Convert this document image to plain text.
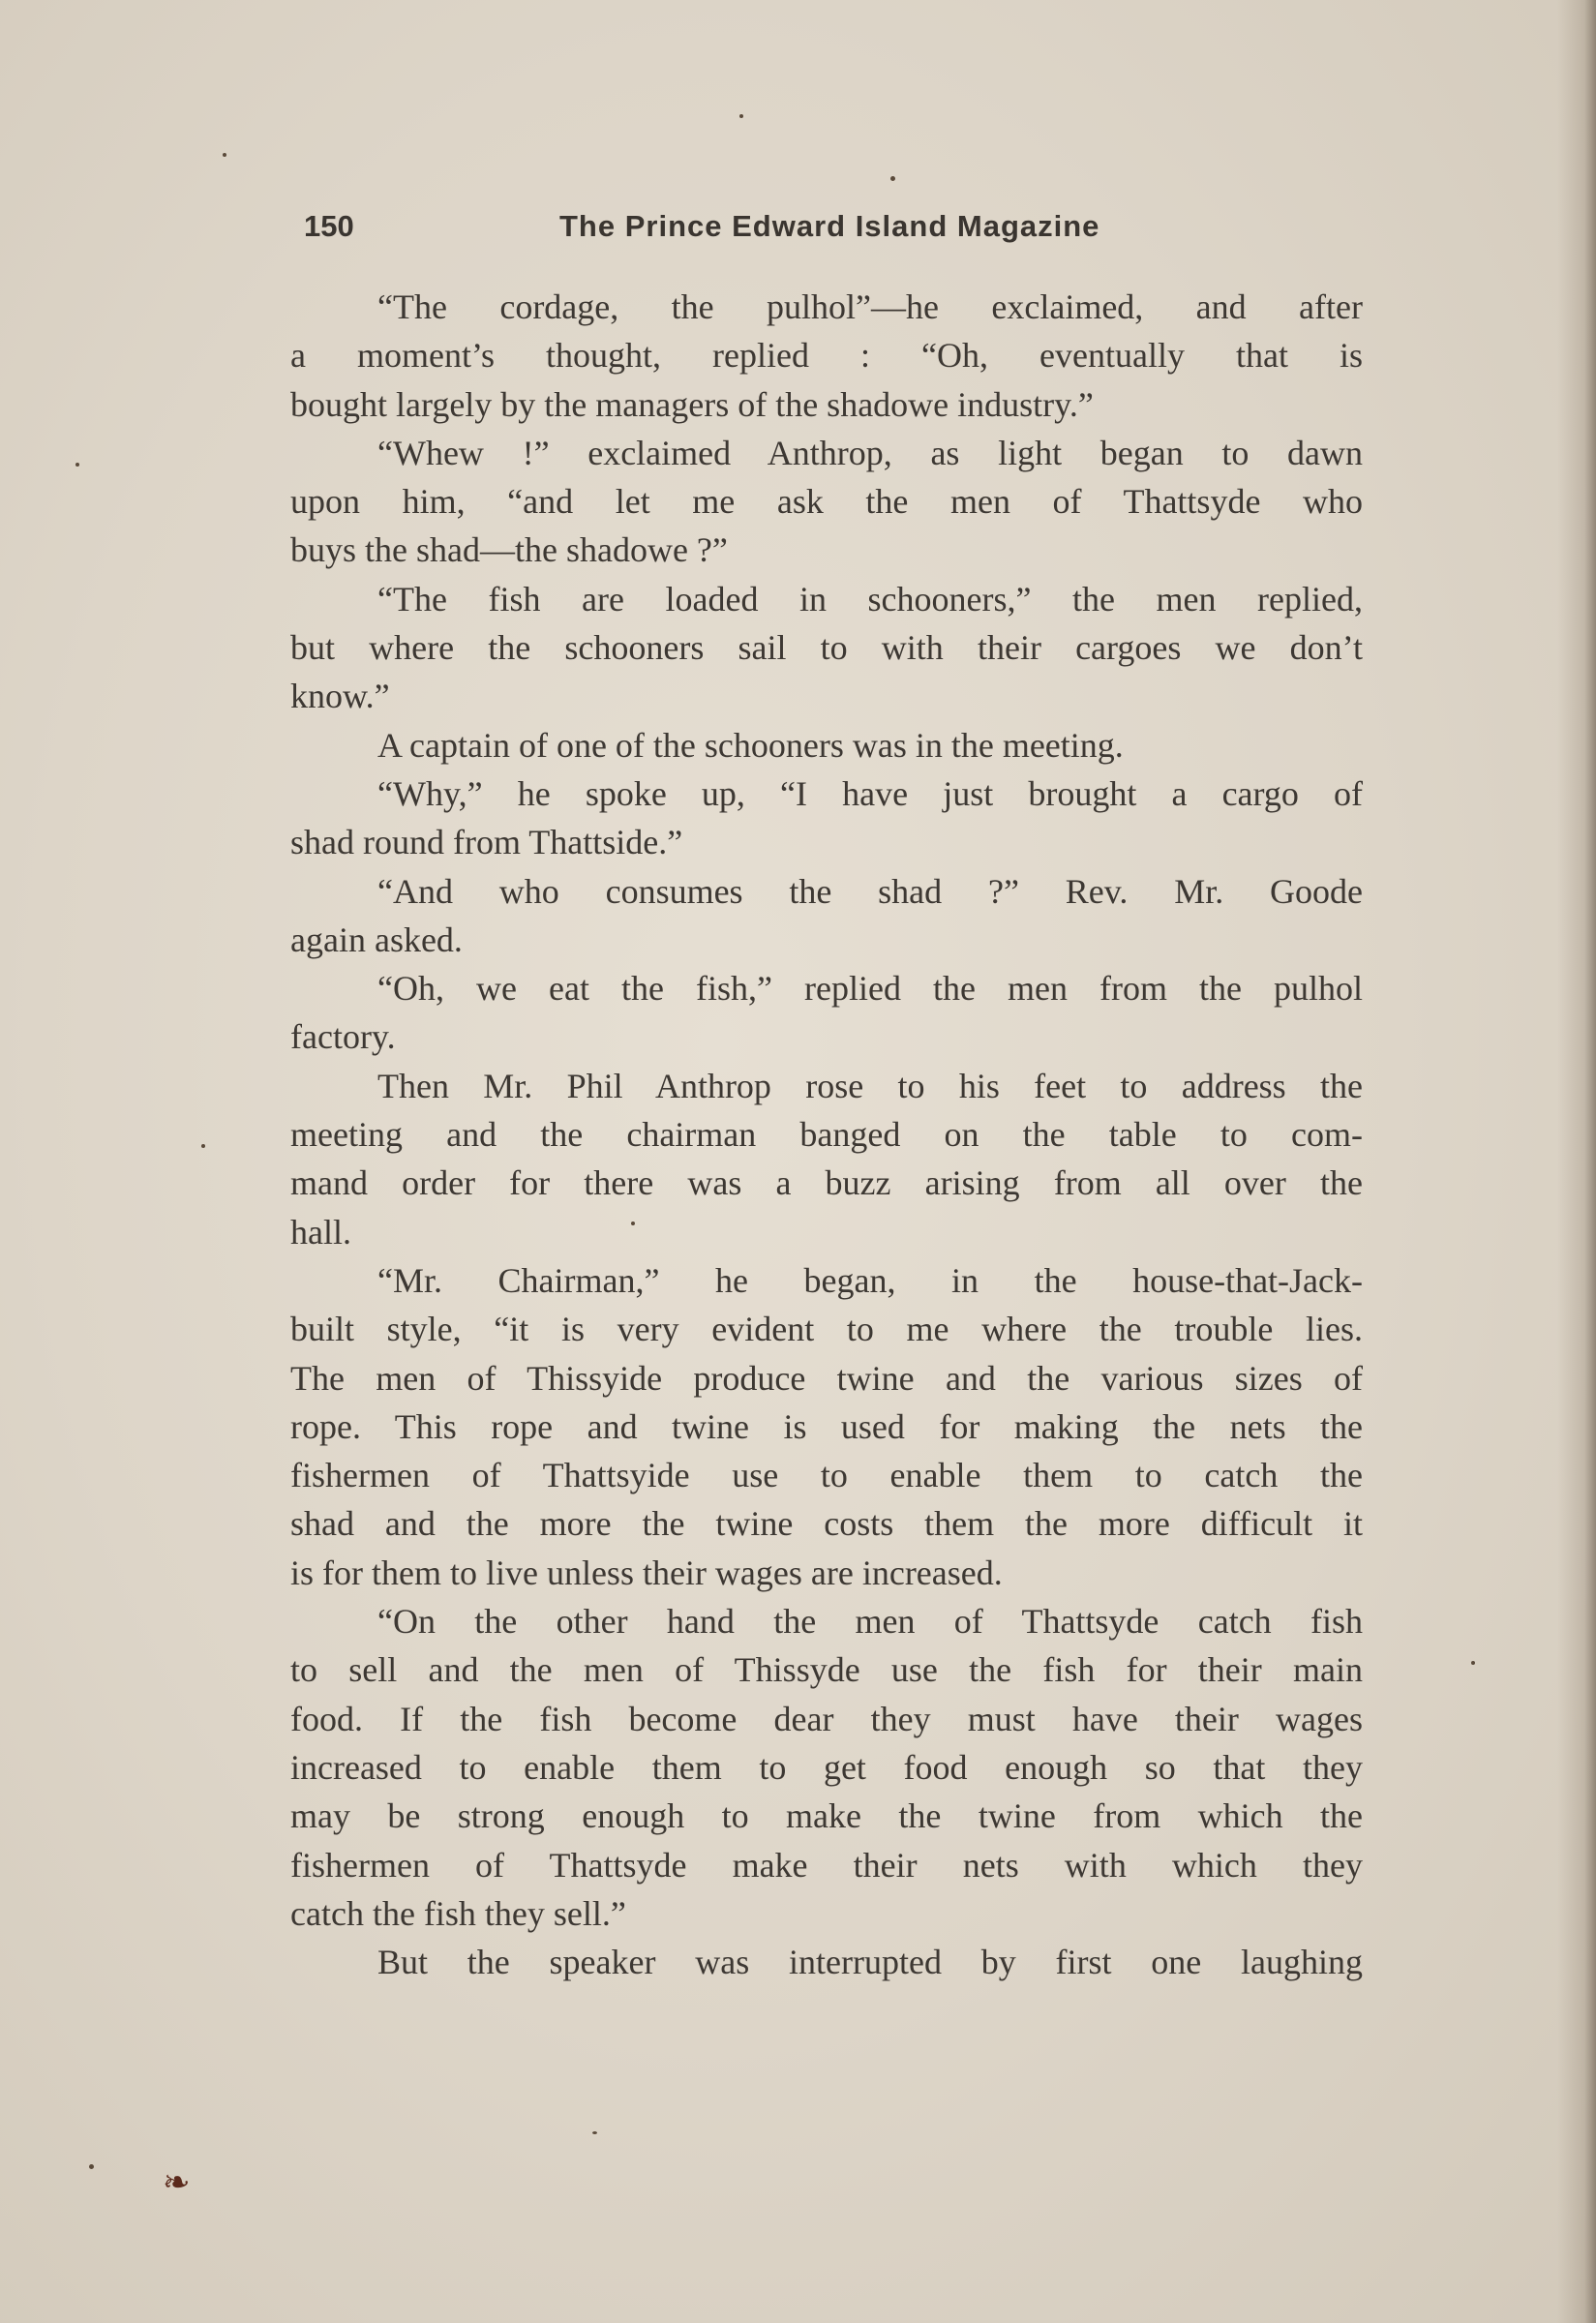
150	The Prince Edward Island Magazine
“The cordage, the pulhol”—he exclaimed, and after
a moment’s thought, replied : “Oh, eventually that is
bought largely by the managers of the shadowe industry.”
“Whew !” exclaimed Anthrop, as light began to dawn
upon him, “and let me ask the men of Thattsyde who
buys the shad—the shadowe ?”
“The fish are loaded in schooners,” the men replied,
but where the schooners sail to with their cargoes we don’t
know.”
A captain of one of the schooners was in the meeting.
“Why,” he spoke up, “I have just brought a cargo of
shad round from Thattside.”
“And who consumes the shad ?” Rev. Mr. Goode
again asked.
“Oh, we eat the fish,” replied the men from the pulhol
factory.
Then Mr. Phil Anthrop rose to his feet to address the
meeting and the chairman banged on the table to com-
mand order for there was a buzz arising from all over the
hall.
“Mr. Chairman,” he began, in the house-that-Jack-
built style, “it is very evident to me where the trouble lies.
The men of Thissyide produce twine and the various sizes of
rope. This rope and twine is used for making the nets the
fishermen of Thattsyide use to enable them to catch the
shad and the more the twine costs them the more difficult it
is for them to live unless their wages are increased.
“On the other hand the men of Thattsyde catch fish
to sell and the men of Thissyde use the fish for their main
food. If the fish become dear they must have their wages
increased to enable them to get food enough so that they
may be strong enough to make the twine from which the
fishermen of Thattsyde make their nets with which they
catch the fish they sell.”
But the speaker was interrupted by first one laughing
❧
